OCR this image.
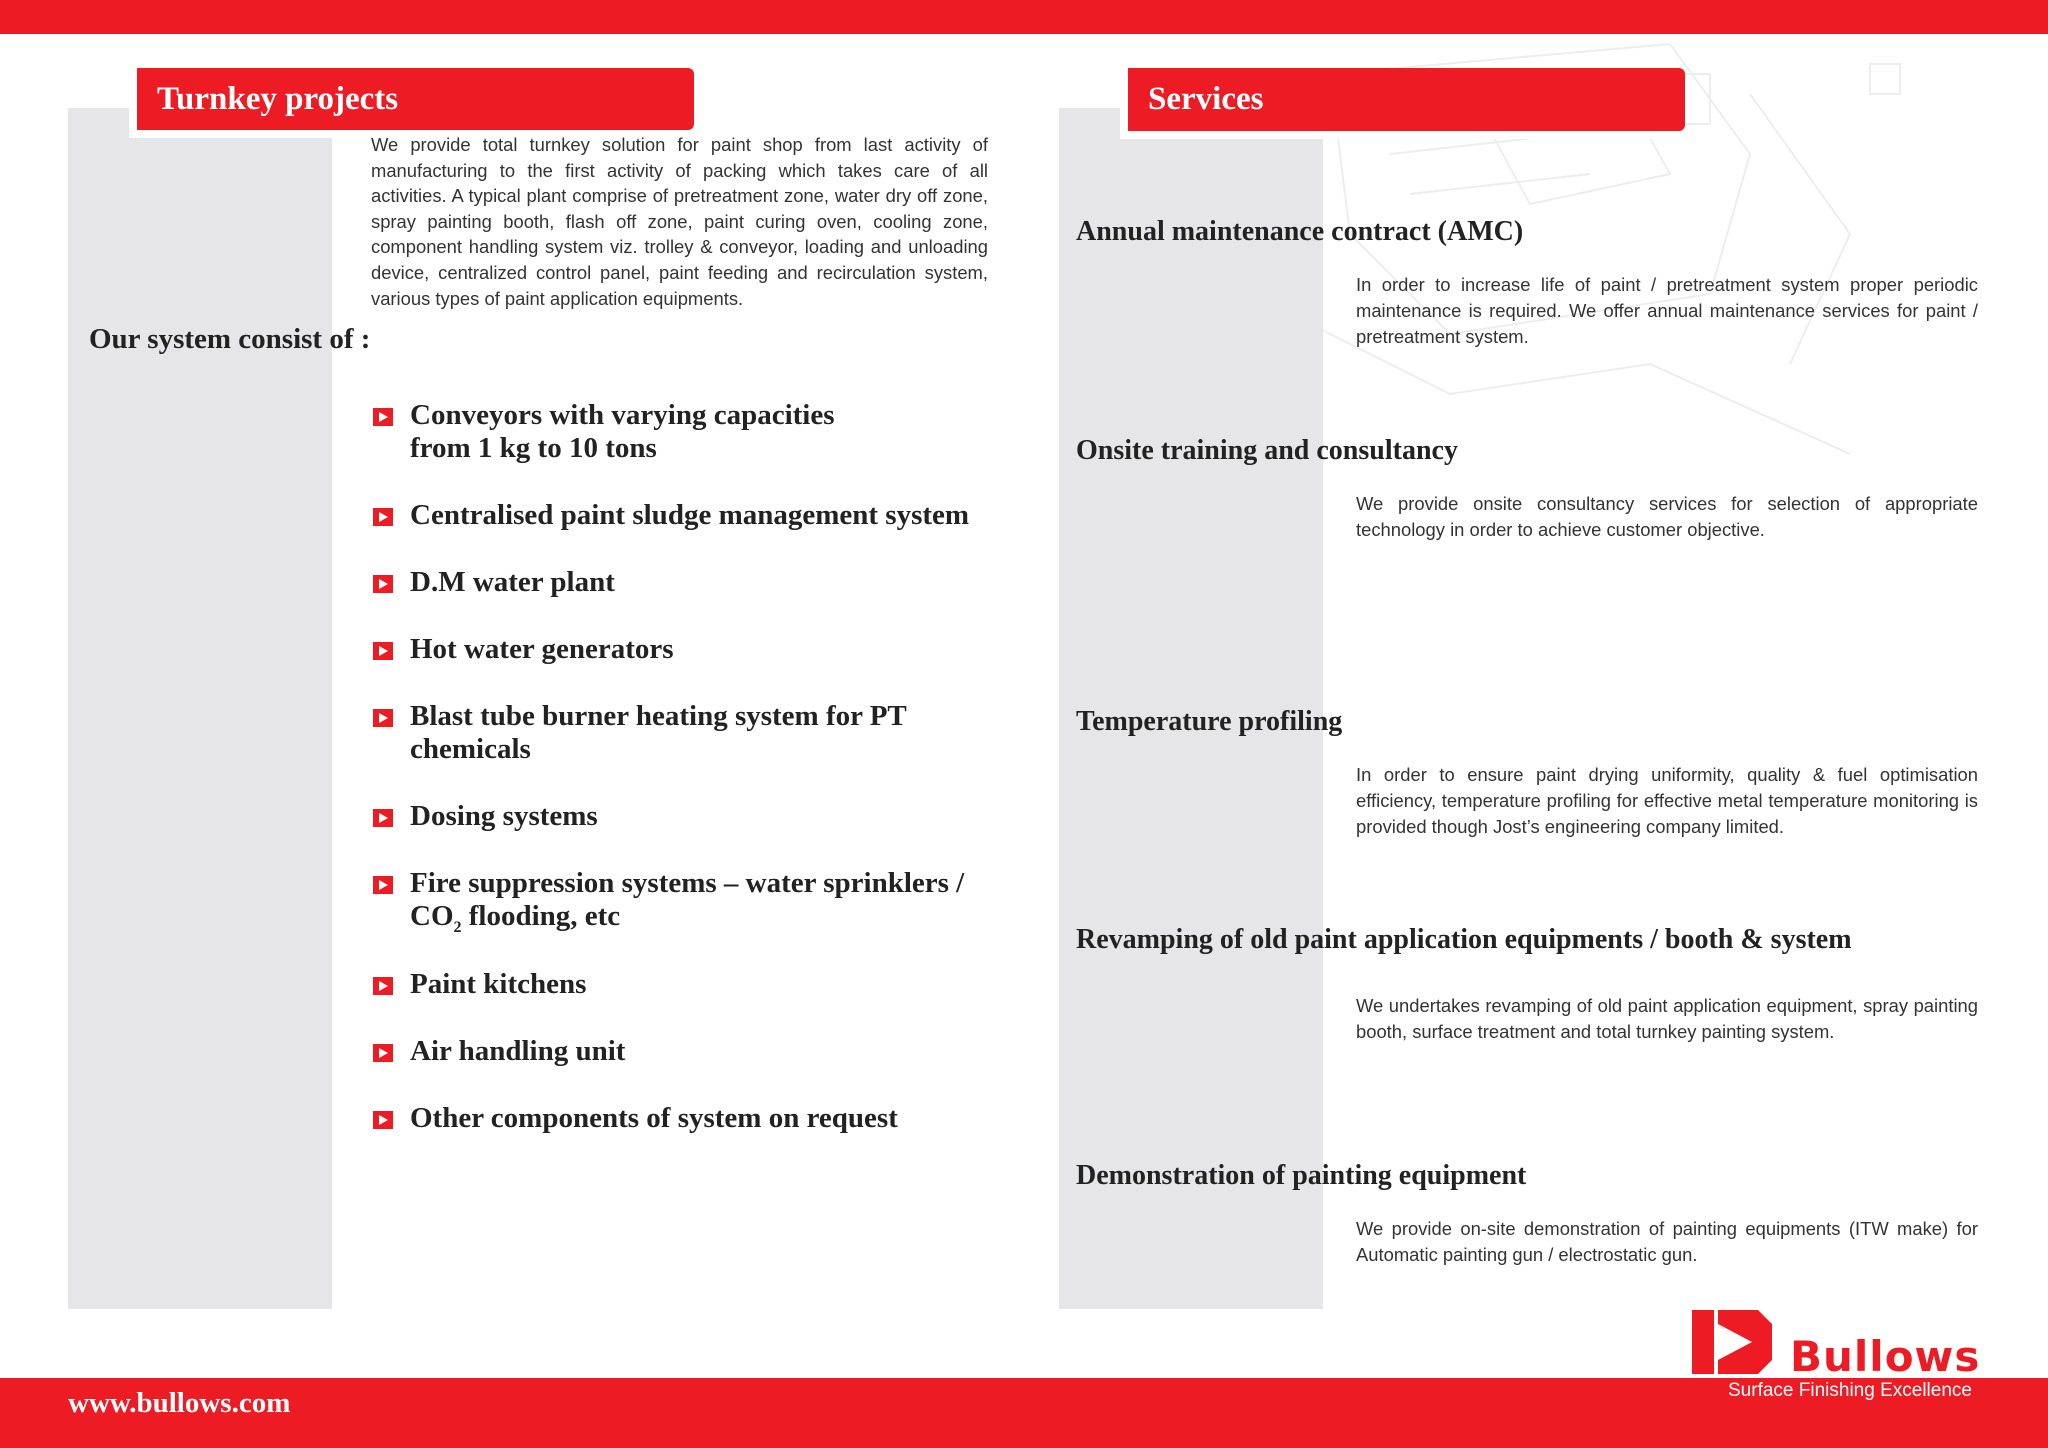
Turnkey projects
We provide total turnkey solution for paint shop from last activity of manufacturing to the first activity of packing which takes care of all activities. A typical plant comprise of pretreatment zone, water dry off zone, spray painting booth, flash off zone, paint curing oven, cooling zone, component handling system viz. trolley & conveyor, loading and unloading device, centralized control panel, paint feeding and recirculation system, various types of paint application equipments.
Our system consist of :
Conveyors with varying capacities
from 1 kg to 10 tons
Centralised paint sludge management system
D.M water plant
Hot water generators
Blast tube burner heating system for PT
chemicals
Dosing systems
Fire suppression systems – water sprinklers /
$CO_2$ flooding, etc
Paint kitchens
Air handling unit
Other components of system on request
Services
Annual maintenance contract (AMC)
In order to increase life of paint / pretreatment system proper periodic maintenance is required. We offer annual maintenance services for paint / pretreatment system.
Onsite training and consultancy
We provide onsite consultancy services for selection of appropriate technology in order to achieve customer objective.
Temperature profiling
In order to ensure paint drying uniformity, quality & fuel optimisation efficiency, temperature profiling for effective metal temperature monitoring is provided though Jost’s engineering company limited.
Revamping of old paint application equipments / booth & system
We undertakes revamping of old paint application equipment, spray painting booth, surface treatment and total turnkey painting system.
Demonstration of painting equipment
We provide on-site demonstration of painting equipments (ITW make) for Automatic painting gun / electrostatic gun.
www.bullows.com
Bullows
Surface Finishing Excellence
